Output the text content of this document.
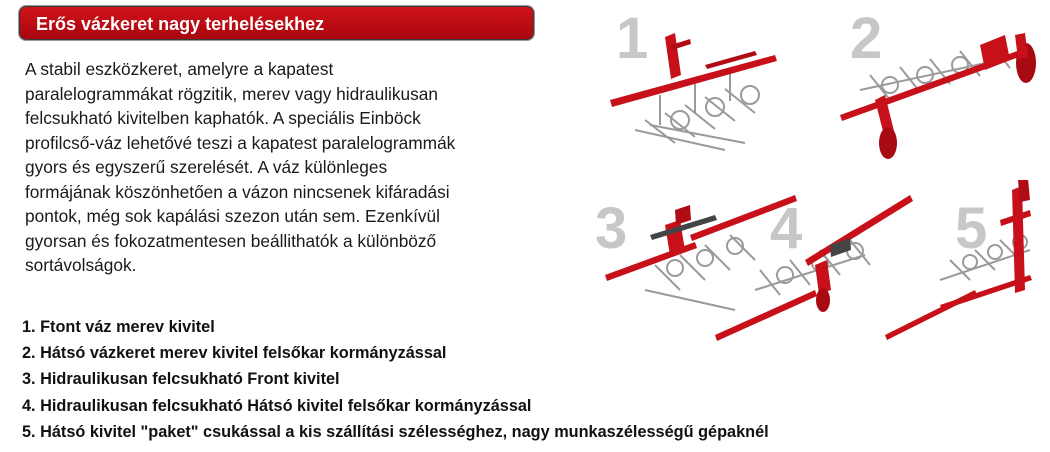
Erős vázkeret nagy terhelésekhez
A stabil eszközkeret, amelyre a kapatest
paralelogrammákat rögzitik, merev vagy hidraulikusan
felcsukható kivitelben kaphatók. A speciális Einböck
profilcső-váz lehetővé teszi a kapatest paralelogrammák
gyors és egyszerű szerelését. A váz különleges
formájának köszönhetően a vázon nincsenek kifáradási
pontok, még sok kapálási szezon után sem. Ezenkívül
gyorsan és fokozatmentesen beállithatók a különböző
sortávolságok.
1. Ftont váz merev kivitel
2. Hátsó vázkeret merev kivitel felsőkar kormányzással
3. Hidraulikusan felcsukható Front kivitel
4. Hidraulikusan felcsukható Hátsó kivitel felsőkar kormányzással
5. Hátsó kivitel "paket" csukással a kis szállítási szélességhez, nagy munkaszélességű gépaknél
1	2
3 4	5
